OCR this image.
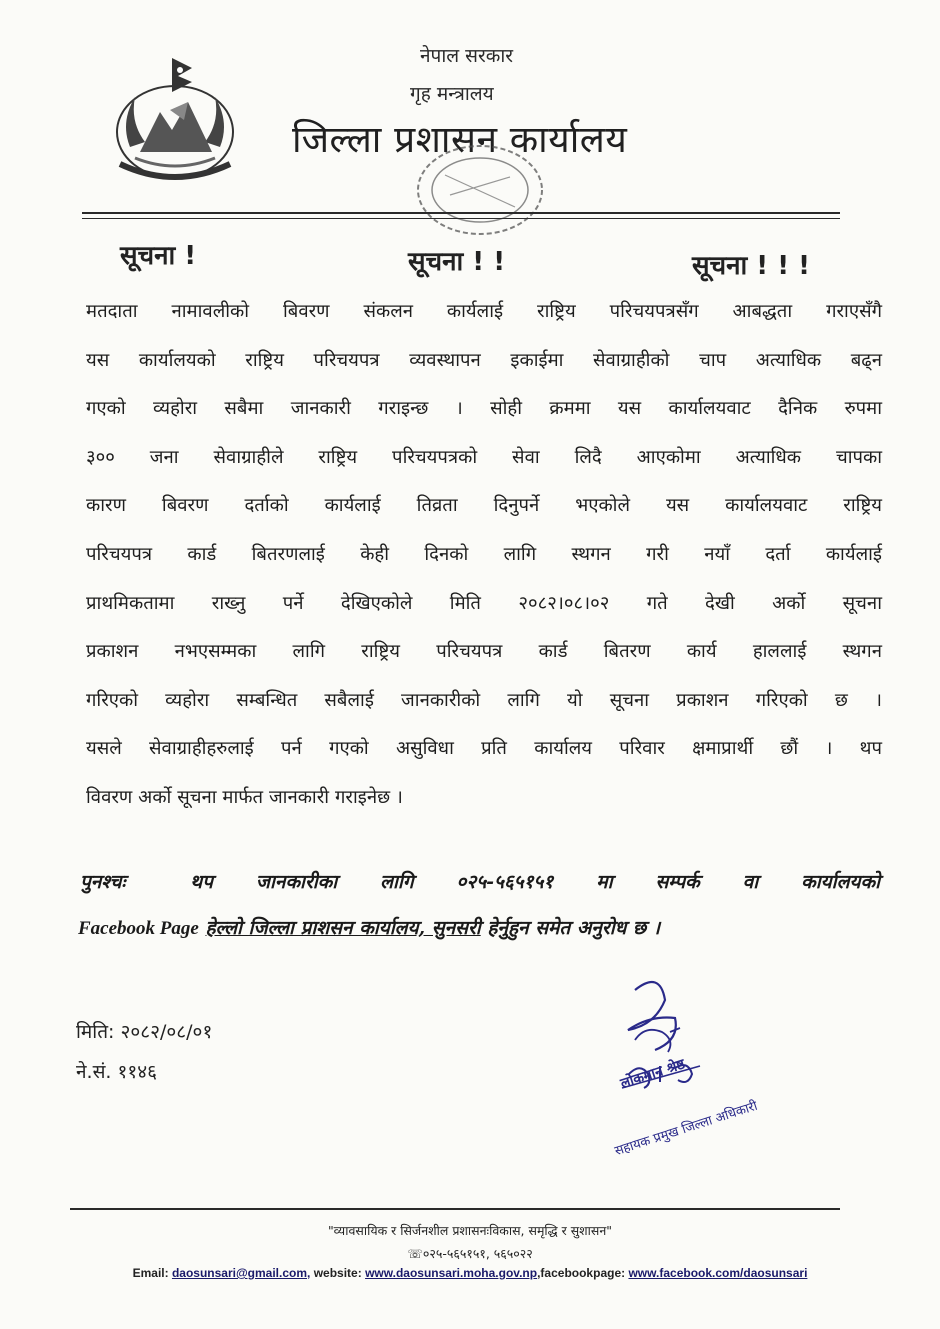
नेपाल सरकार
गृह मन्त्रालय
जिल्ला प्रशासन कार्यालय
सूचना !	सूचना ! !	सूचना ! ! !
मतदाता नामावलीको बिवरण संकलन कार्यलाई राष्ट्रिय परिचयपत्रसँग आबद्धता गराएसँगै
यस कार्यालयको राष्ट्रिय परिचयपत्र व्यवस्थापन इकाईमा सेवाग्राहीको चाप अत्याधिक बढ्न
गएको व्यहोरा सबैमा जानकारी गराइन्छ । सोही क्रममा यस कार्यालयवाट दैनिक रुपमा
३०० जना सेवाग्राहीले राष्ट्रिय परिचयपत्रको सेवा लिदै आएकोमा अत्याधिक चापका
कारण बिवरण दर्ताको कार्यलाई तिव्रता दिनुपर्ने भएकोले यस कार्यालयवाट राष्ट्रिय
परिचयपत्र कार्ड बितरणलाई केही दिनको लागि स्थगन गरी नयाँ दर्ता कार्यलाई
प्राथमिकतामा राख्नु पर्ने देखिएकोले मिति २०८२।०८।०२ गते देखी अर्को सूचना
प्रकाशन नभएसम्मका लागि राष्ट्रिय परिचयपत्र कार्ड बितरण कार्य हाललाई स्थगन
गरिएको व्यहोरा सम्बन्धित सबैलाई जानकारीको लागि यो सूचना प्रकाशन गरिएको छ ।
यसले सेवाग्राहीहरुलाई पर्न गएको असुविधा प्रति कार्यालय परिवार क्षमाप्रार्थी छौं । थप
विवरण अर्को सूचना मार्फत जानकारी गराइनेछ ।
पुनश्चः	थप जानकारीका लागि ०२५-५६५१५१ मा सम्पर्क वा कार्यालयको
Facebook Page हेल्लो जिल्ला प्राशसन कार्यालय, सुनसरी हेर्नुहुन समेत अनुरोध छ ।
मिति: २०८२/०८/०१
ने.सं. ११४६	लोकमान श्रेष्ठ
सहायक प्रमुख जिल्ला अधिकारी
"व्यावसायिक र सिर्जनशील प्रशासनःविकास, समृद्धि र सुशासन"
☏०२५-५६५१५१, ५६५०२२
Email: daosunsari@gmail.com, website: www.daosunsari.moha.gov.np,facebookpage: www.facebook.com/daosunsari
